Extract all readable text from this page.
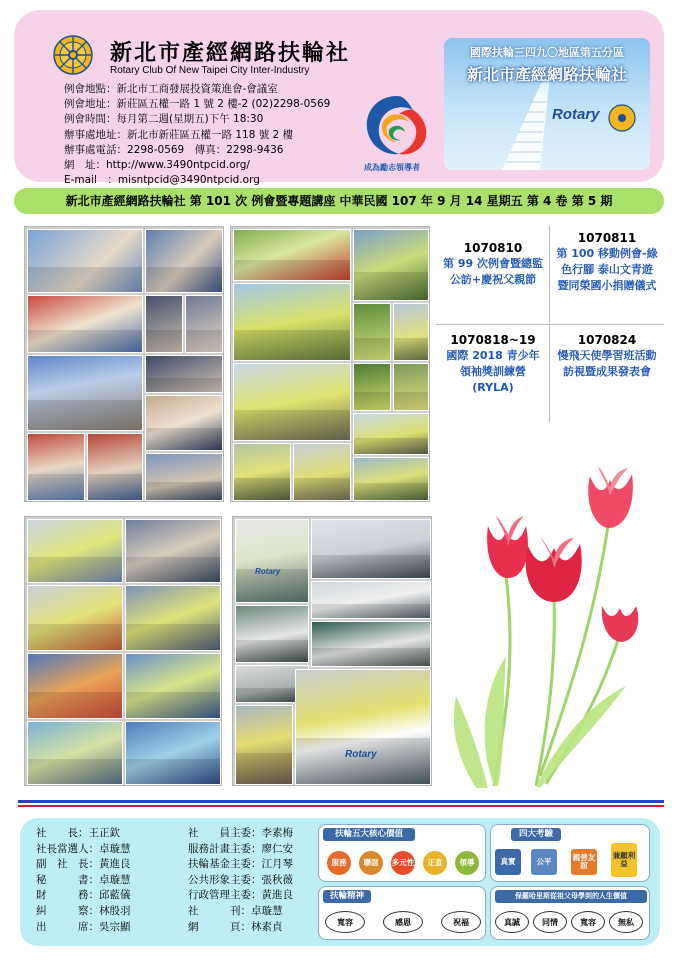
新北市產經網路扶輪社
Rotary Club Of New Taipei City Inter-Industry
例會地點：新北市工商發展投資策進會-會議室
例會地址：新莊區五權一路 1 號 2 樓-2 (02)2298-0569
例會時間：每月第二週(星期五)下午 18:30
辦事處地址：新北市新莊區五權一路 118 號 2 樓
辦事處電話：2298-0569　傳真：2298-9436
網　址：http://www.3490ntpcid.org/
E-mail　：misntpcid@3490ntpcid.org
成為勵志領導者
國際扶輪三四九〇地區第五分區
新北市產經網路扶輪社
Rotary
新北市產經網路扶輪社 第 101 次 例會暨專題講座 中華民國 107 年 9 月 14 星期五 第 4 卷 第 5 期
1070810
第 99 次例會暨總監公訪+慶祝父親節
1070811
第 100 移動例會-綠色行腳 泰山文青遊暨同榮國小捐贈儀式
1070818~19
國際 2018 青少年領袖獎訓練營(RYLA)
1070824
慢飛天使學習班活動訪視暨成果發表會
Rotary
Rotary
社　　長：王正欽	社　　員主委：李素梅
社長當選人：卓璇慧	服務計畫主委：廖仁安
副　社　長：黃進良	扶輪基金主委：江月琴
秘　　　書：卓璇慧	公共形象主委：張秋薇
財　　　務：邱藍儀	行政管理主委：黃進良
糾　　　察：林殷羽	社　　　刊：卓璇慧
出　　　席：吳宗顯	網　　　頁：林素貞
扶輪五大核心價值
服務	聯誼	多元性	正直	領導
四大考驗
真實	公平	親善友誼
兼顧利益
扶輪精神
寬容	感恩	祝福
保羅哈里斯從祖父母學到的人生價值
真誠	同情	寬容	無私
